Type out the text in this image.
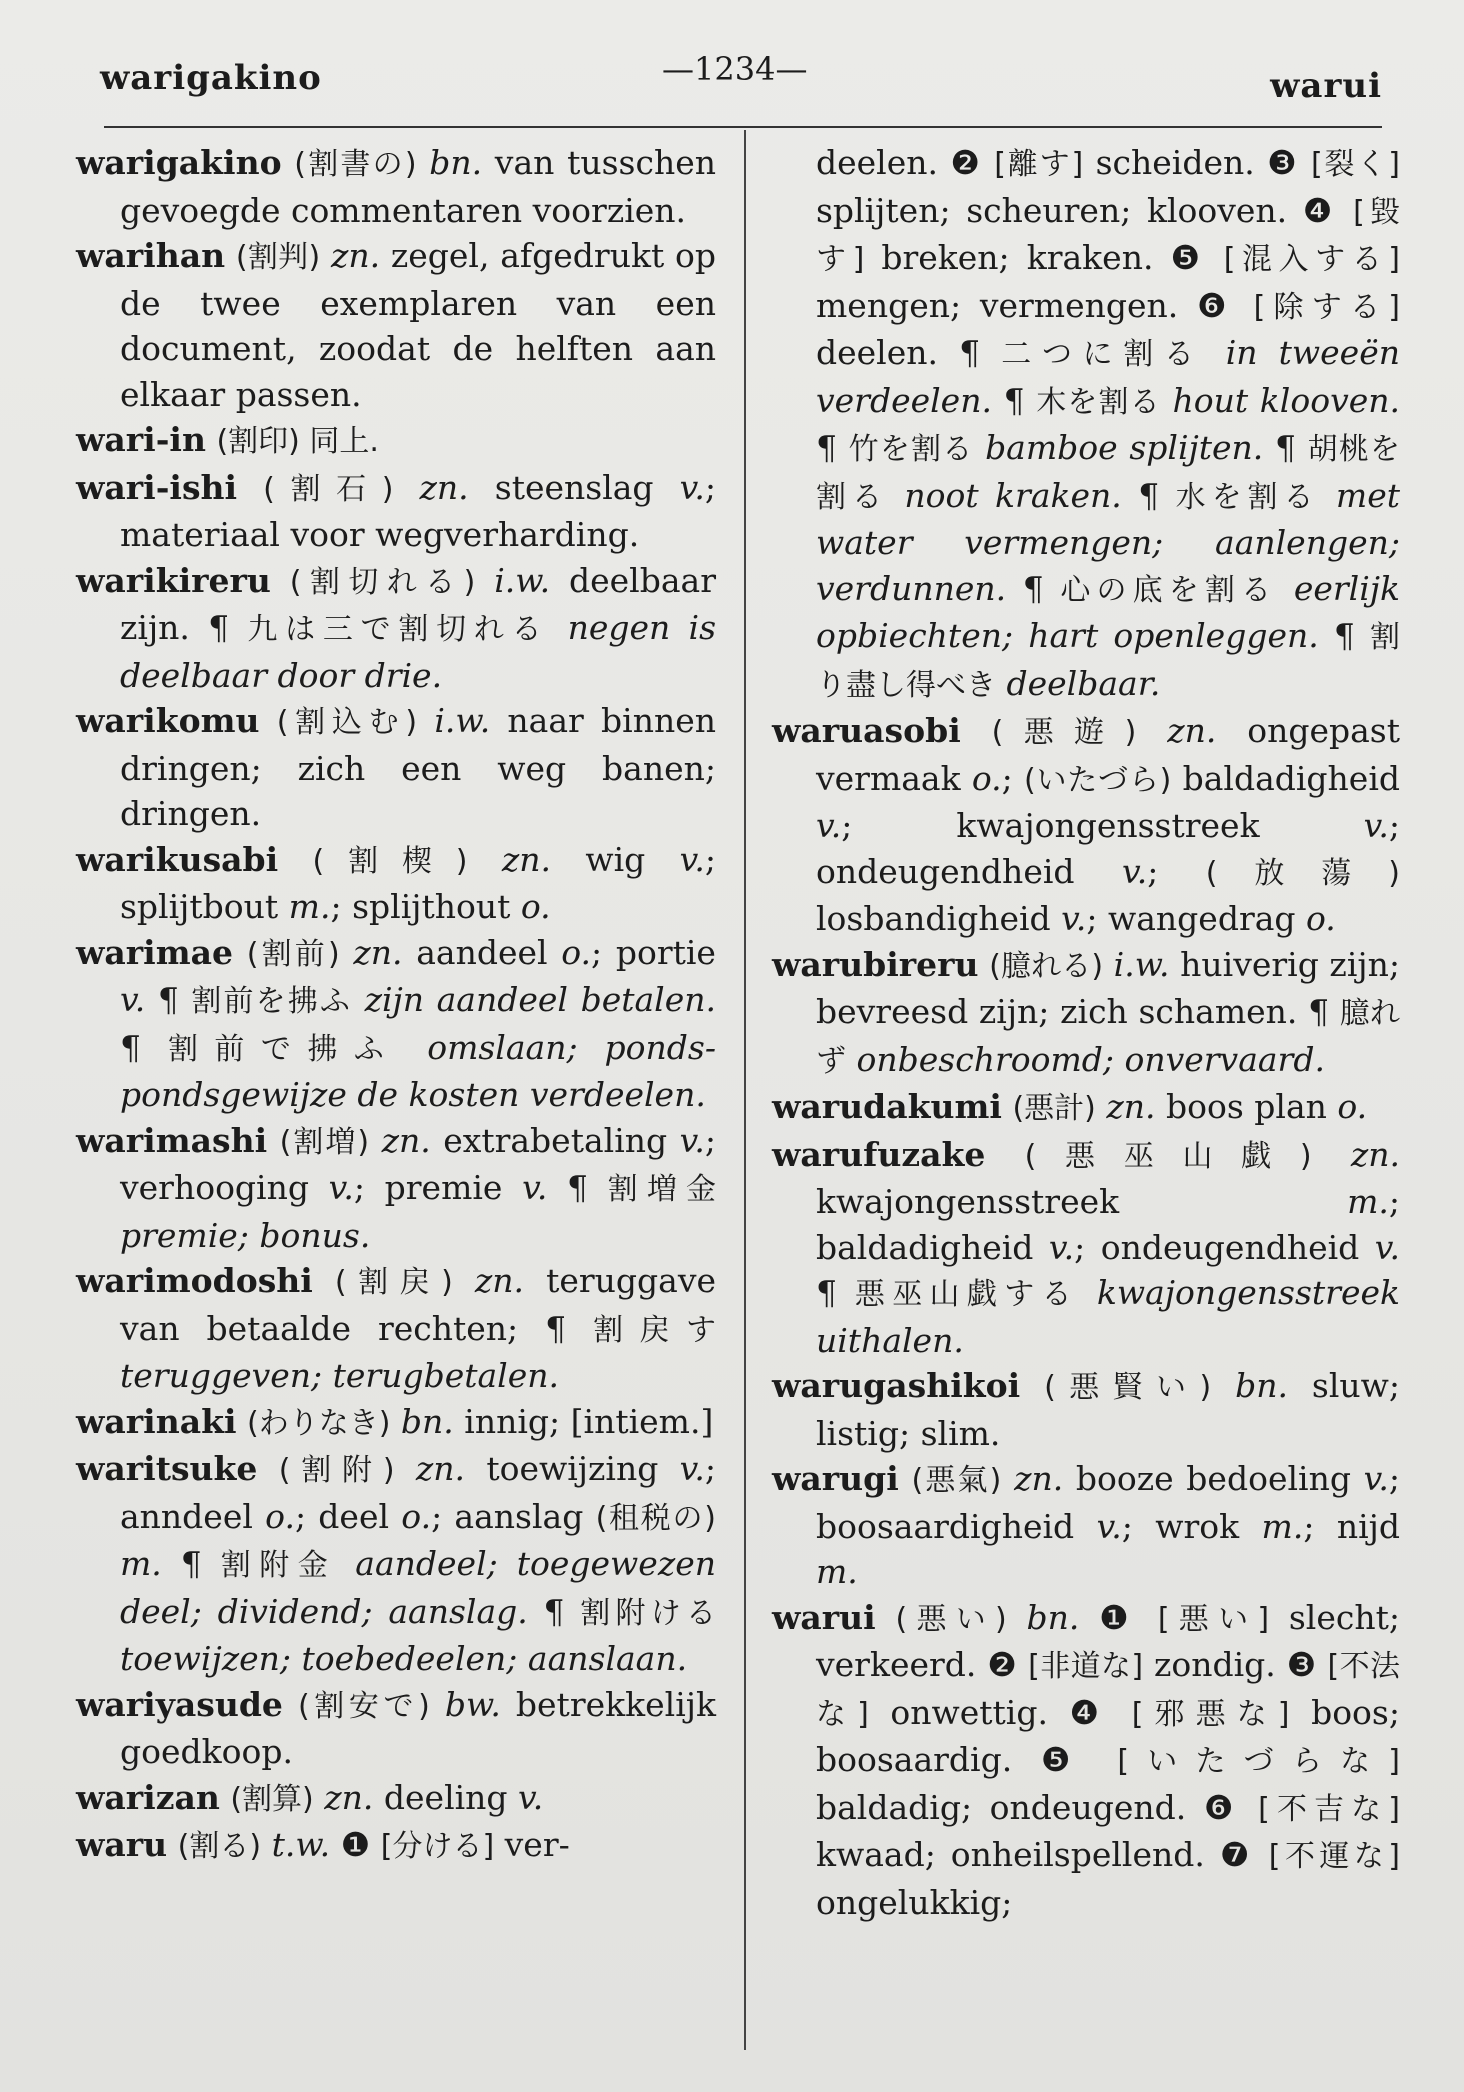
warigakino	—1234—	warui

warigakino (割書の) bn. van tusschen gevoegde commentaren voorzien.

warihan (割判) zn. zegel, afgedrukt op de twee exemplaren van een document, zoodat de helften aan elkaar passen.

wari-in (割印) 同上.

wari-ishi (割石) zn. steenslag v.; materiaal voor wegverharding.

warikireru (割切れる) i.w. deelbaar zijn. ¶ 九は三で割切れる negen is deelbaar door drie.

warikomu (割込む) i.w. naar binnen dringen; zich een weg banen; dringen.

warikusabi (割楔) zn. wig v.; splijtbout m.; splijthout o.

warimae (割前) zn. aandeel o.; portie v. ¶ 割前を拂ふ zijn aandeel betalen. ¶ 割前で拂ふ omslaan; ponds-pondsgewijze de kosten verdeelen.

warimashi (割増) zn. extrabetaling v.; verhooging v.; premie v. ¶ 割増金 premie; bonus.

warimodoshi (割戻) zn. teruggave van betaalde rechten; ¶ 割戻す teruggeven; terugbetalen.

warinaki (わりなき) bn. innig; [intiem.]

waritsuke (割附) zn. toewijzing v.; anndeel o.; deel o.; aanslag (租税の) m. ¶ 割附金 aandeel; toegewezen deel; dividend; aanslag. ¶ 割附ける toewijzen; toebedeelen; aanslaan.

wariyasude (割安で) bw. betrekkelijk goedkoop.

warizan (割算) zn. deeling v.

waru (割る) t.w. ❶ [分ける] ver-

deelen. ❷ [離す] scheiden. ❸ [裂く] splijten; scheuren; klooven. ❹ [毀す] breken; kraken. ❺ [混入する] mengen; vermengen. ❻ [除する] deelen. ¶ 二つに割る in tweeën verdeelen. ¶ 木を割る hout klooven. ¶ 竹を割る bamboe splijten. ¶ 胡桃を割る noot kraken. ¶ 水を割る met water vermengen; aanlengen; verdunnen. ¶ 心の底を割る eerlijk opbiechten; hart openleggen. ¶ 割り盡し得べき deelbaar.

waruasobi (悪遊) zn. ongepast vermaak o.; (いたづら) baldadigheid v.; kwajongensstreek v.; ondeugendheid v.; (放蕩) losbandigheid v.; wangedrag o.

warubireru (臆れる) i.w. huiverig zijn; bevreesd zijn; zich schamen. ¶ 臆れず onbeschroomd; onvervaard.

warudakumi (悪計) zn. boos plan o.

warufuzake (悪巫山戯) zn. kwajongensstreek m.; baldadigheid v.; ondeugendheid v. ¶ 悪巫山戯する kwajongensstreek uithalen.

warugashikoi (悪賢い) bn. sluw; listig; slim.

warugi (悪氣) zn. booze bedoeling v.; boosaardigheid v.; wrok m.; nijd m.

warui (悪い) bn. ❶ [悪い] slecht; verkeerd. ❷ [非道な] zondig. ❸ [不法な] onwettig. ❹ [邪悪な] boos; boosaardig. ❺ [いたづらな] baldadig; ondeugend. ❻ [不吉な] kwaad; onheilspellend. ❼ [不運な] ongelukkig;
